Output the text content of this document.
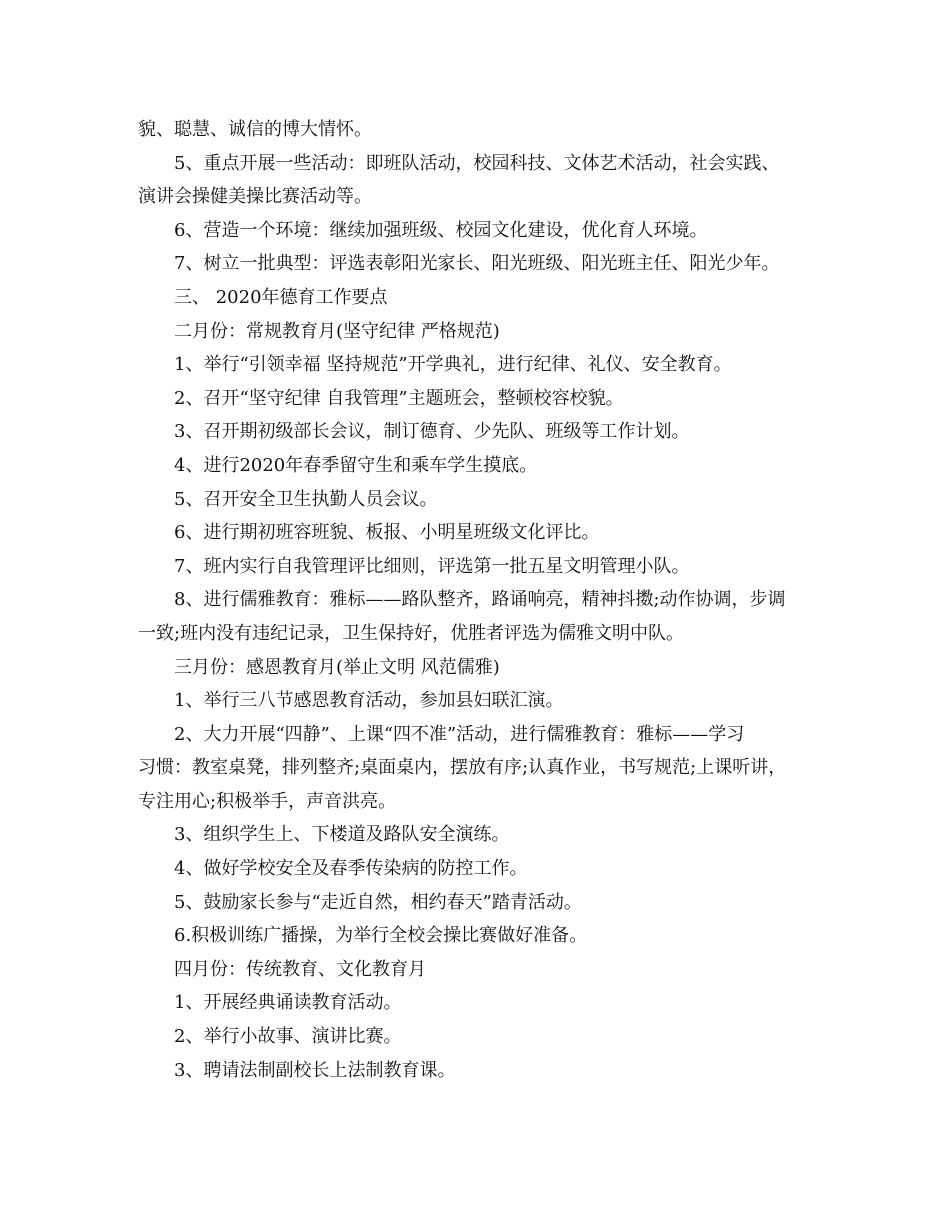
貌、聪慧、诚信的博大情怀。
5、重点开展一些活动：即班队活动，校园科技、文体艺术活动，社会实践、
演讲会操健美操比赛活动等。
6、营造一个环境：继续加强班级、校园文化建设，优化育人环境。
7、树立一批典型：评选表彰阳光家长、阳光班级、阳光班主任、阳光少年。
三、 2020年德育工作要点
二月份：常规教育月(坚守纪律 严格规范)
1、举行“引领幸福 坚持规范”开学典礼，进行纪律、礼仪、安全教育。
2、召开“坚守纪律 自我管理”主题班会，整顿校容校貌。
3、召开期初级部长会议，制订德育、少先队、班级等工作计划。
4、进行2020年春季留守生和乘车学生摸底。
5、召开安全卫生执勤人员会议。
6、进行期初班容班貌、板报、小明星班级文化评比。
7、班内实行自我管理评比细则，评选第一批五星文明管理小队。
8、进行儒雅教育：雅标——路队整齐，路诵响亮，精神抖擞;动作协调，步调
一致;班内没有违纪记录，卫生保持好，优胜者评选为儒雅文明中队。
三月份：感恩教育月(举止文明 风范儒雅)
1、举行三八节感恩教育活动，参加县妇联汇演。
2、大力开展“四静”、上课“四不准”活动，进行儒雅教育：雅标——学习
习惯：教室桌凳，排列整齐;桌面桌内，摆放有序;认真作业，书写规范;上课听讲，
专注用心;积极举手，声音洪亮。
3、组织学生上、下楼道及路队安全演练。
4、做好学校安全及春季传染病的防控工作。
5、鼓励家长参与“走近自然，相约春天”踏青活动。
6.积极训练广播操，为举行全校会操比赛做好准备。
四月份：传统教育、文化教育月
1、开展经典诵读教育活动。
2、举行小故事、演讲比赛。
3、聘请法制副校长上法制教育课。
